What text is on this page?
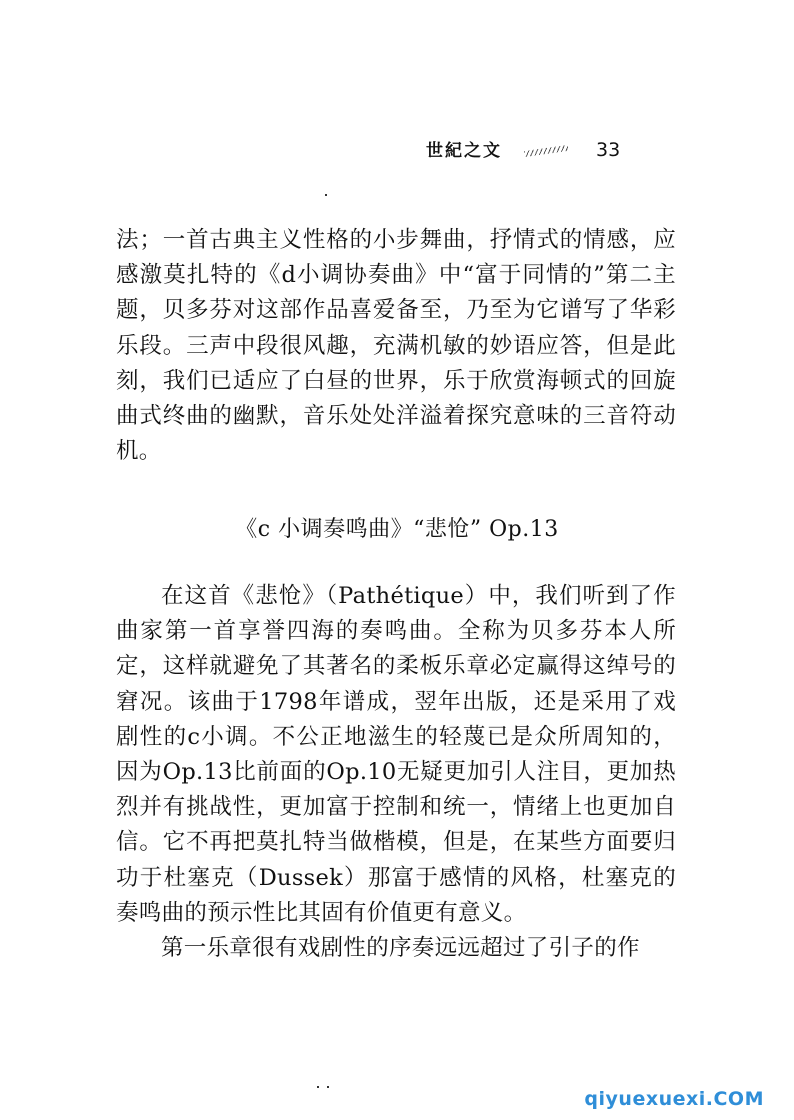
世紀之文	33

法；一首古典主义性格的小步舞曲，抒情式的情感，应感激莫扎特的《d小调协奏曲》中“富于同情的”第二主题，贝多芬对这部作品喜爱备至，乃至为它谱写了华彩乐段。三声中段很风趣，充满机敏的妙语应答，但是此刻，我们已适应了白昼的世界，乐于欣赏海顿式的回旋曲式终曲的幽默，音乐处处洋溢着探究意味的三音符动机。

《c 小调奏鸣曲》“悲怆” Op.13

在这首《悲怆》（Pathétique）中，我们听到了作曲家第一首享誉四海的奏鸣曲。全称为贝多芬本人所定，这样就避免了其著名的柔板乐章必定赢得这绰号的窘况。该曲于1798年谱成，翌年出版，还是采用了戏剧性的c小调。不公正地滋生的轻蔑已是众所周知的，因为Op.13比前面的Op.10无疑更加引人注目，更加热烈并有挑战性，更加富于控制和统一，情绪上也更加自信。它不再把莫扎特当做楷模，但是，在某些方面要归功于杜塞克（Dussek）那富于感情的风格，杜塞克的奏鸣曲的预示性比其固有价值更有意义。

第一乐章很有戏剧性的序奏远远超过了引子的作

qiyuexuexi.COM
